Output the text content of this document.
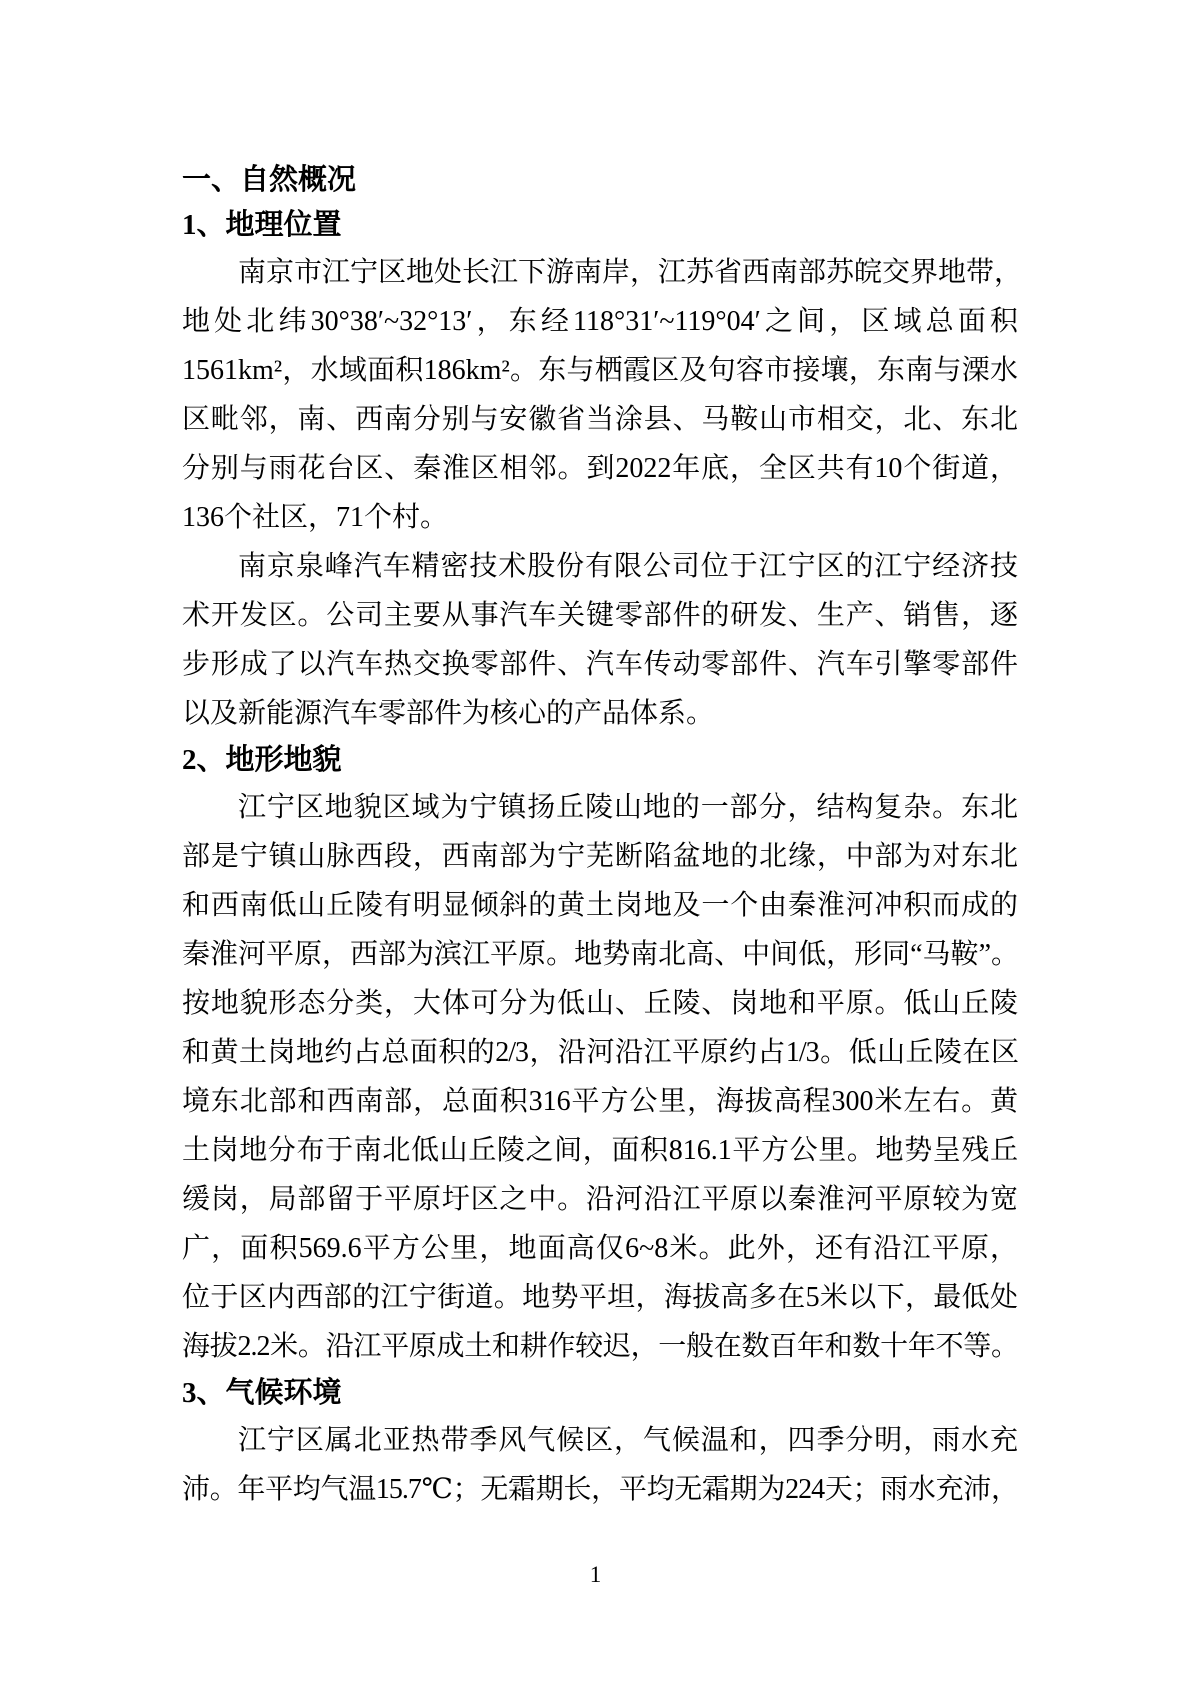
一、自然概况
1、地理位置
南京市江宁区地处长江下游南岸，江苏省西南部苏皖交界地带，
地处北纬30°38′~32°13′，东经118°31′~119°04′之间，区域总面积
1561km²，水域面积186km²。东与栖霞区及句容市接壤，东南与溧水
区毗邻，南、西南分别与安徽省当涂县、马鞍山市相交，北、东北
分别与雨花台区、秦淮区相邻。到2022年底，全区共有10个街道，
136个社区，71个村。
南京泉峰汽车精密技术股份有限公司位于江宁区的江宁经济技
术开发区。公司主要从事汽车关键零部件的研发、生产、销售，逐
步形成了以汽车热交换零部件、汽车传动零部件、汽车引擎零部件
以及新能源汽车零部件为核心的产品体系。
2、地形地貌
江宁区地貌区域为宁镇扬丘陵山地的一部分，结构复杂。东北
部是宁镇山脉西段，西南部为宁芜断陷盆地的北缘，中部为对东北
和西南低山丘陵有明显倾斜的黄土岗地及一个由秦淮河冲积而成的
秦淮河平原，西部为滨江平原。地势南北高、中间低，形同“马鞍”。
按地貌形态分类，大体可分为低山、丘陵、岗地和平原。低山丘陵
和黄土岗地约占总面积的2/3，沿河沿江平原约占1/3。低山丘陵在区
境东北部和西南部，总面积316平方公里，海拔高程300米左右。黄
土岗地分布于南北低山丘陵之间，面积816.1平方公里。地势呈残丘
缓岗，局部留于平原圩区之中。沿河沿江平原以秦淮河平原较为宽
广，面积569.6平方公里，地面高仅6~8米。此外，还有沿江平原，
位于区内西部的江宁街道。地势平坦，海拔高多在5米以下，最低处
海拔2.2米。沿江平原成土和耕作较迟，一般在数百年和数十年不等。
3、气候环境
江宁区属北亚热带季风气候区，气候温和，四季分明，雨水充
沛。年平均气温15.7℃；无霜期长，平均无霜期为224天；雨水充沛，
1
